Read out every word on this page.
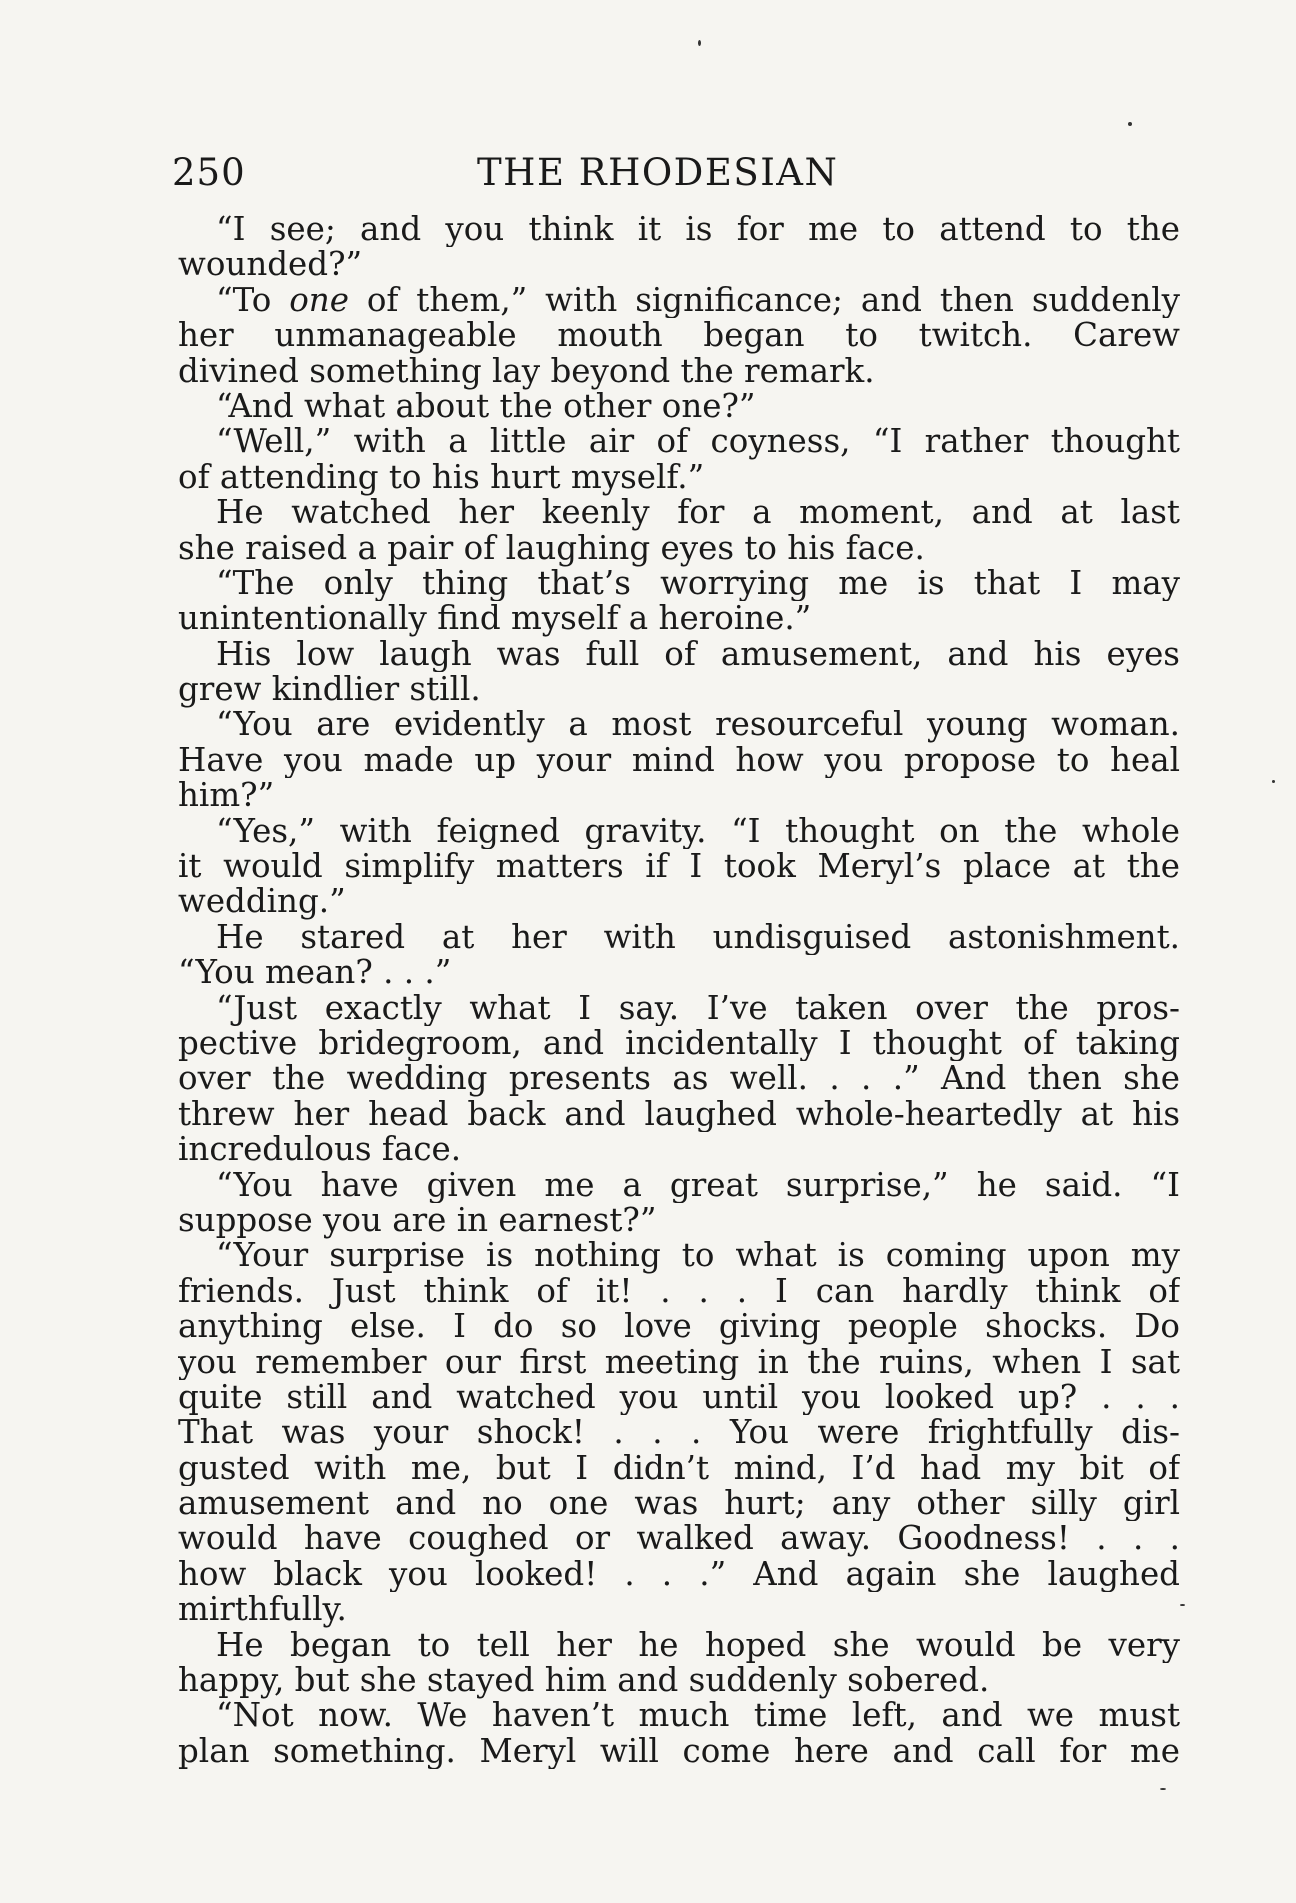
250	THE RHODESIAN
“I see; and you think it is for me to attend to the
wounded?”
“To one of them,” with significance; and then suddenly
her unmanageable mouth began to twitch. Carew
divined something lay beyond the remark.
“And what about the other one?”
“Well,” with a little air of coyness, “I rather thought
of attending to his hurt myself.”
He watched her keenly for a moment, and at last
she raised a pair of laughing eyes to his face.
“The only thing that’s worrying me is that I may
unintentionally find myself a heroine.”
His low laugh was full of amusement, and his eyes
grew kindlier still.
“You are evidently a most resourceful young woman.
Have you made up your mind how you propose to heal
him?”
“Yes,” with feigned gravity. “I thought on the whole
it would simplify matters if I took Meryl’s place at the
wedding.”
He stared at her with undisguised astonishment.
“You mean? . . .”
“Just exactly what I say. I’ve taken over the pros-
pective bridegroom, and incidentally I thought of taking
over the wedding presents as well. . . .” And then she
threw her head back and laughed whole-heartedly at his
incredulous face.
“You have given me a great surprise,” he said. “I
suppose you are in earnest?”
“Your surprise is nothing to what is coming upon my
friends. Just think of it! . . . I can hardly think of
anything else. I do so love giving people shocks. Do
you remember our first meeting in the ruins, when I sat
quite still and watched you until you looked up? . . .
That was your shock! . . . You were frightfully dis-
gusted with me, but I didn’t mind, I’d had my bit of
amusement and no one was hurt; any other silly girl
would have coughed or walked away. Goodness! . . .
how black you looked! . . .” And again she laughed
mirthfully.
He began to tell her he hoped she would be very
happy, but she stayed him and suddenly sobered.
“Not now. We haven’t much time left, and we must
plan something. Meryl will come here and call for me
